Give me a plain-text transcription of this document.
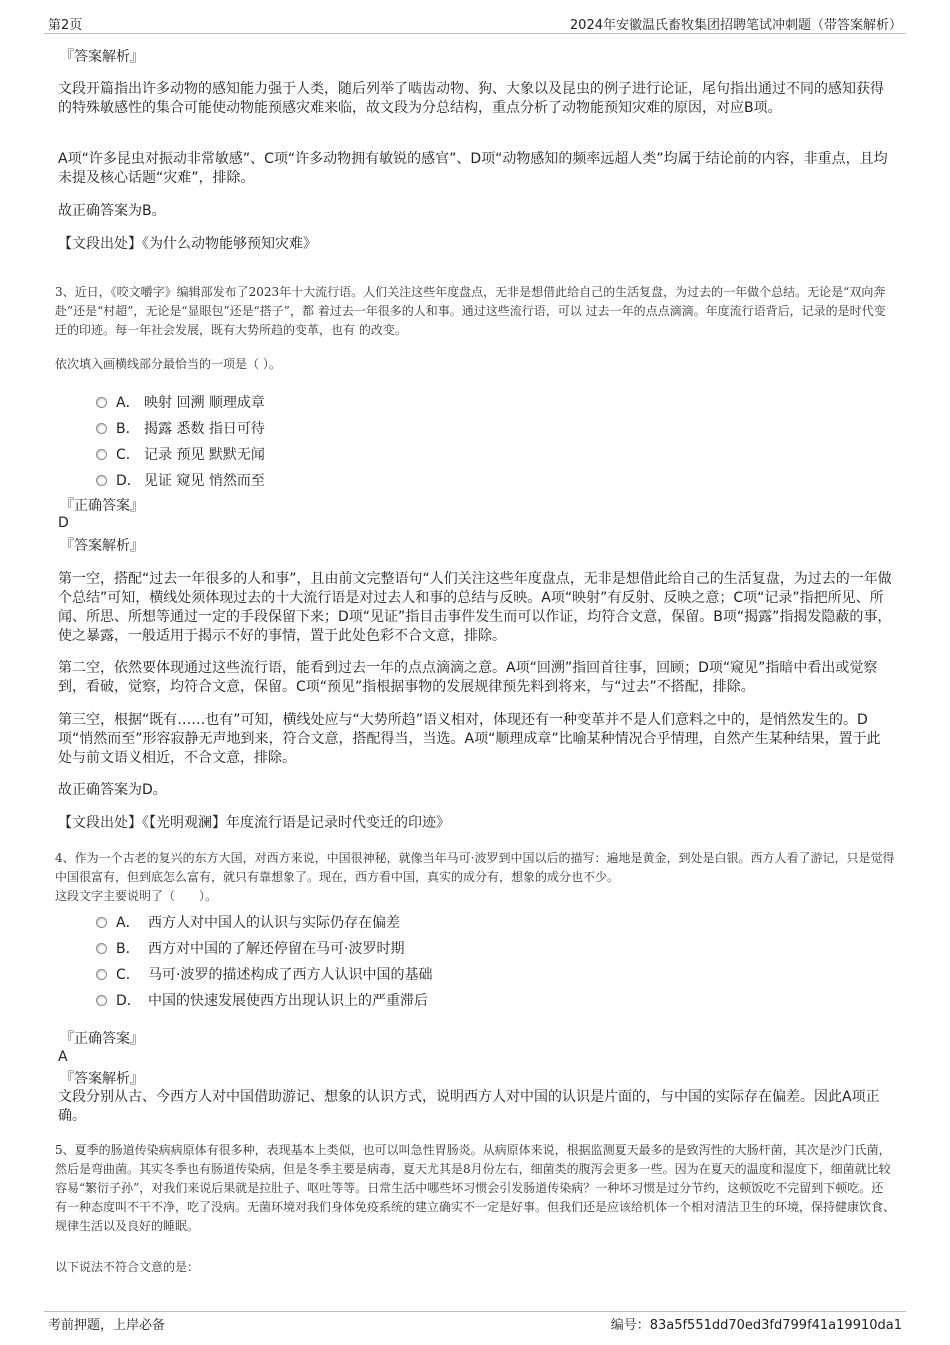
第2页	2024年安徽温氏畜牧集团招聘笔试冲刺题（带答案解析）
『答案解析』

文段开篇指出许多动物的感知能力强于人类，随后列举了啮齿动物、狗、大象以及昆虫的例子进行论证，尾句指出通过不同的感知获得的特殊敏感性的集合可能使动物能预感灾难来临，故文段为分总结构，重点分析了动物能预知灾难的原因，对应B项。

A项“许多昆虫对振动非常敏感”、C项“许多动物拥有敏锐的感官”、D项“动物感知的频率远超人类”均属于结论前的内容，非重点，且均未提及核心话题“灾难”，排除。

故正确答案为B。

【文段出处】《为什么动物能够预知灾难》

3、近日，《咬文嚼字》编辑部发布了2023年十大流行语。人们关注这些年度盘点，无非是想借此给自己的生活复盘，为过去的一年做个总结。无论是“双向奔赴”还是“村超”，无论是“显眼包”还是“搭子”，都 着过去一年很多的人和事。通过这些流行语，可以 过去一年的点点滴滴。年度流行语背后，记录的是时代变迁的印迹。每一年社会发展，既有大势所趋的变革，也有 的改变。

依次填入画横线部分最恰当的一项是（ ）。

A． 映射 回溯 顺理成章
B． 揭露 悉数 指日可待
C． 记录 预见 默默无闻
D． 见证 窥见 悄然而至
『正确答案』
D
『答案解析』

第一空，搭配“过去一年很多的人和事”，且由前文完整语句“人们关注这些年度盘点，无非是想借此给自己的生活复盘，为过去的一年做个总结”可知，横线处须体现过去的十大流行语是对过去人和事的总结与反映。A项“映射”有反射、反映之意；C项“记录”指把所见、所闻、所思、所想等通过一定的手段保留下来；D项“见证”指目击事件发生而可以作证，均符合文意，保留。B项“揭露”指揭发隐蔽的事，使之暴露，一般适用于揭示不好的事情，置于此处色彩不合文意，排除。

第二空，依然要体现通过这些流行语，能看到过去一年的点点滴滴之意。A项“回溯”指回首往事，回顾；D项“窥见”指暗中看出或觉察到，看破，觉察，均符合文意，保留。C项“预见”指根据事物的发展规律预先料到将来，与“过去”不搭配，排除。

第三空，根据“既有……也有”可知，横线处应与“大势所趋”语义相对，体现还有一种变革并不是人们意料之中的，是悄然发生的。D项“悄然而至”形容寂静无声地到来，符合文意，搭配得当，当选。A项“顺理成章”比喻某种情况合乎情理，自然产生某种结果，置于此处与前文语义相近，不合文意，排除。

故正确答案为D。

【文段出处】《【光明观澜】年度流行语是记录时代变迁的印迹》

4、作为一个古老的复兴的东方大国，对西方来说，中国很神秘，就像当年马可·波罗到中国以后的描写：遍地是黄金，到处是白银。西方人看了游记，只是觉得中国很富有，但到底怎么富有，就只有靠想象了。现在，西方看中国，真实的成分有，想象的成分也不少。

这段文字主要说明了（　　）。

A． 西方人对中国人的认识与实际仍存在偏差
B． 西方对中国的了解还停留在马可·波罗时期
C． 马可·波罗的描述构成了西方人认识中国的基础
D． 中国的快速发展使西方出现认识上的严重滞后
『正确答案』
A
『答案解析』

文段分别从古、今西方人对中国借助游记、想象的认识方式，说明西方人对中国的认识是片面的，与中国的实际存在偏差。因此A项正确。

5、夏季的肠道传染病病原体有很多种，表现基本上类似，也可以叫急性胃肠炎。从病原体来说，根据监测夏天最多的是致泻性的大肠杆菌，其次是沙门氏菌，然后是弯曲菌。其实冬季也有肠道传染病，但是冬季主要是病毒，夏天尤其是8月份左右，细菌类的腹泻会更多一些。因为在夏天的温度和湿度下，细菌就比较容易“繁衍子孙”，对我们来说后果就是拉肚子、呕吐等等。日常生活中哪些坏习惯会引发肠道传染病？一种坏习惯是过分节约，这顿饭吃不完留到下顿吃。还有一种态度叫不干不净，吃了没病。无菌环境对我们身体免疫系统的建立确实不一定是好事。但我们还是应该给机体一个相对清洁卫生的环境，保持健康饮食、规律生活以及良好的睡眠。

以下说法不符合文意的是：

考前押题，上岸必备	编号：83a5f551dd70ed3fd799f41a19910da1
